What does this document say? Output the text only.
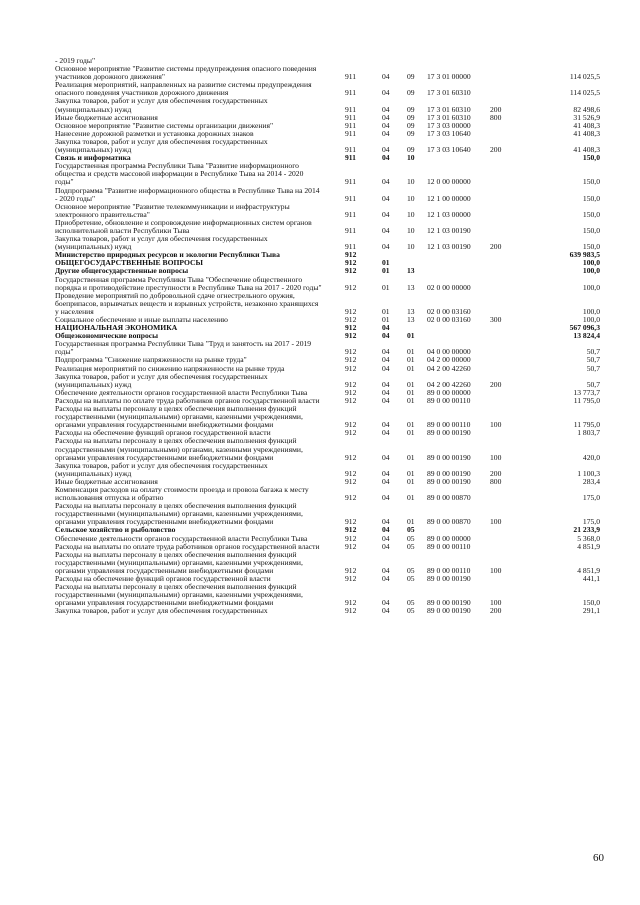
- 2019 годы"
Основное мероприятие "Развитие системы предупреждения опасного поведения участников дорожного движения"	911	04 09 17 3 01 00000	114 025,5
Реализация мероприятий, направленных на развитие системы предупреждения опасного поведения участников дорожного движения	911	04 09 17 3 01 60310	114 025,5
Закупка товаров, работ и услуг для обеспечения государственных (муниципальных) нужд	911	04 09 17 3 01 60310	200	82 498,6
Иные бюджетные ассигнования	911	04 09 17 3 01 60310	800	31 526,9
Основное мероприятие "Развитие системы организации движения"	911	04 09 17 3 03 00000	41 408,3
Нанесение дорожной разметки и установка дорожных знаков	911	04 09 17 3 03 10640	41 408,3
Закупка товаров, работ и услуг для обеспечения государственных (муниципальных) нужд	911	04 09 17 3 03 10640	200	41 408,3
Связь и информатика	911	04 10	150,0
Государственная программа Республики Тыва "Развитие информационного общества и средств массовой информации в Республике Тыва на 2014 - 2020 годы"	911	04 10 12 0 00 00000	150,0
Подпрограмма "Развитие информационного общества в Республике Тыва на 2014 - 2020 годы"	911	04 10 12 1 00 00000	150,0
Основное мероприятие "Развитие телекоммуникации и инфраструктуры электронного правительства"	911	04 10 12 1 03 00000	150,0
Приобретение, обновление и сопровождение информационных систем органов исполнительной власти Республики Тыва	911	04 10 12 1 03 00190	150,0
Закупка товаров, работ и услуг для обеспечения государственных (муниципальных) нужд	911	04 10 12 1 03 00190	200	150,0
Министерство природных ресурсов и экологии Республики Тыва	912	639 983,5
ОБЩЕГОСУДАРСТВЕННЫЕ ВОПРОСЫ	912	01	100,0
Другие общегосударственные вопросы	912	01 13	100,0
Государственная программа Республики Тыва "Обеспечение общественного порядка и противодействие преступности в Республике Тыва на 2017 - 2020 годы"	912	01 13 02 0 00 00000	100,0
Проведение мероприятий по добровольной сдаче огнестрельного оружия, боеприпасов, взрывчатых веществ и взрывных устройств, незаконно хранящихся у населения	912	01 13 02 0 00 03160	100,0
Социальное обеспечение и иные выплаты населению	912	01 13 02 0 00 03160	300	100,0
НАЦИОНАЛЬНАЯ ЭКОНОМИКА	912	04	567 096,3
Общеэкономические вопросы	912	04 01	13 824,4
Государственная программа Республики Тыва "Труд и занятость на 2017 - 2019 годы"	912	04 01 04 0 00 00000	50,7
Подпрограмма "Снижение напряженности на рынке труда"	912	04 01 04 2 00 00000	50,7
Реализация мероприятий по снижению напряженности на рынке труда	912	04 01 04 2 00 42260	50,7
Закупка товаров, работ и услуг для обеспечения государственных (муниципальных) нужд	912	04 01 04 2 00 42260	200	50,7
Обеспечение деятельности органов государственной власти Республики Тыва	912	04 01 89 0 00 00000	13 773,7
Расходы на выплаты по оплате труда работников органов государственной власти	912	04 01 89 0 00 00110	11 795,0
Расходы на выплаты персоналу в целях обеспечения выполнения функций государственными (муниципальными) органами, казенными учреждениями, органами управления государственными внебюджетными фондами	912	04 01 89 0 00 00110	100	11 795,0
Расходы на обеспечение функций органов государственной власти	912	04 01 89 0 00 00190	1 803,7
Расходы на выплаты персоналу в целях обеспечения выполнения функций государственными (муниципальными) органами, казенными учреждениями, органами управления государственными внебюджетными фондами	912	04 01 89 0 00 00190	100	420,0
Закупка товаров, работ и услуг для обеспечения государственных (муниципальных) нужд	912	04 01 89 0 00 00190	200	1 100,3
Иные бюджетные ассигнования	912	04 01 89 0 00 00190	800	283,4
Компенсация расходов на оплату стоимости проезда и провоза багажа к месту использования отпуска и обратно	912	04 01 89 0 00 00870	175,0
Расходы на выплаты персоналу в целях обеспечения выполнения функций государственными (муниципальными) органами, казенными учреждениями, органами управления государственными внебюджетными фондами	912	04 01 89 0 00 00870	100	175,0
Сельское хозяйство и рыболовство	912	04 05	21 233,9
Обеспечение деятельности органов государственной власти Республики Тыва	912	04 05 89 0 00 00000	5 368,0
Расходы на выплаты по оплате труда работников органов государственной власти	912	04 05 89 0 00 00110	4 851,9
Расходы на выплаты персоналу в целях обеспечения выполнения функций государственными (муниципальными) органами, казенными учреждениями, органами управления государственными внебюджетными фондами	912	04 05 89 0 00 00110	100	4 851,9
Расходы на обеспечение функций органов государственной власти	912	04 05 89 0 00 00190	441,1
Расходы на выплаты персоналу в целях обеспечения выполнения функций государственными (муниципальными) органами, казенными учреждениями, органами управления государственными внебюджетными фондами	912	04 05 89 0 00 00190	100	150,0
Закупка товаров, работ и услуг для обеспечения государственных	912	04 05 89 0 00 00190	200	291,1
60
